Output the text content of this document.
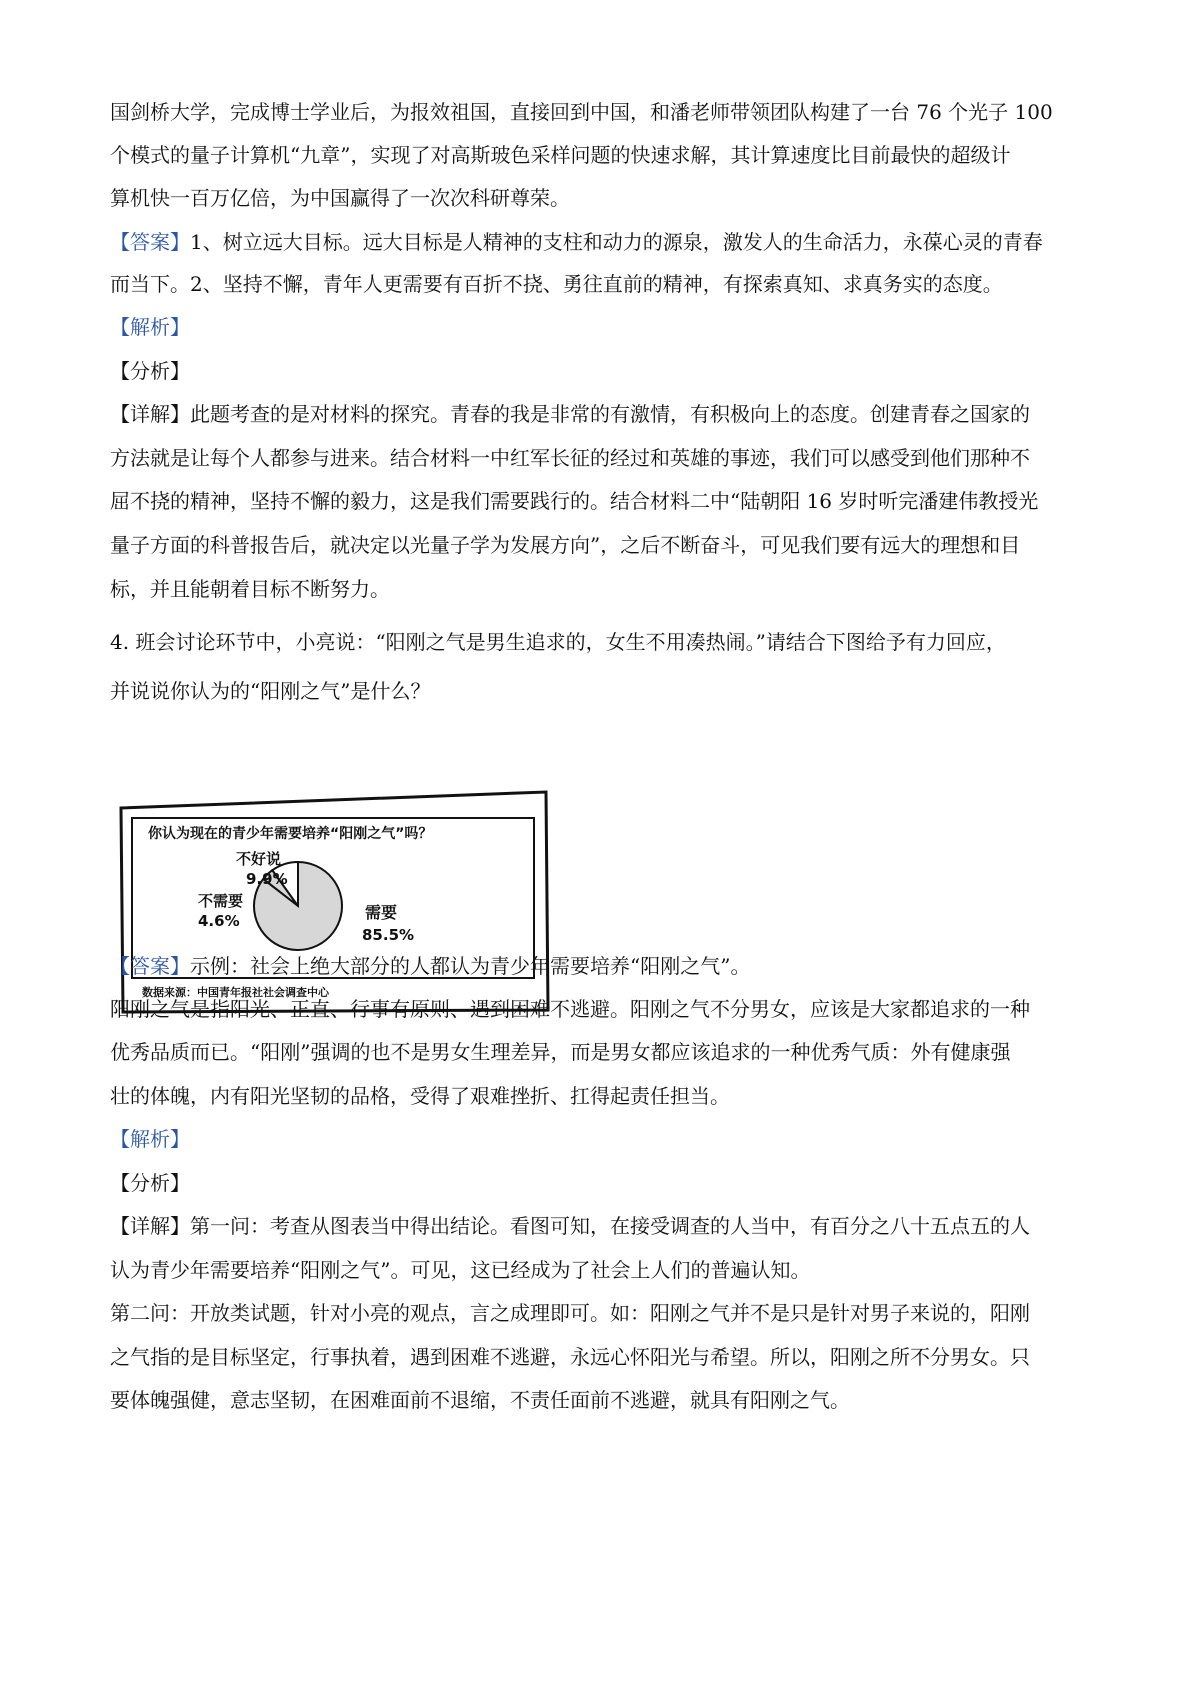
国剑桥大学，完成博士学业后，为报效祖国，直接回到中国，和潘老师带领团队构建了一台 76 个光子 100
个模式的量子计算机“九章”，实现了对高斯玻色采样问题的快速求解，其计算速度比目前最快的超级计
算机快一百万亿倍，为中国赢得了一次次科研尊荣。
【答案】1、树立远大目标。远大目标是人精神的支柱和动力的源泉，激发人的生命活力，永葆心灵的青春
而当下。2、坚持不懈，青年人更需要有百折不挠、勇往直前的精神，有探索真知、求真务实的态度。
【解析】
【分析】
【详解】此题考查的是对材料的探究。青春的我是非常的有激情，有积极向上的态度。创建青春之国家的
方法就是让每个人都参与进来。结合材料一中红军长征的经过和英雄的事迹，我们可以感受到他们那种不
屈不挠的精神，坚持不懈的毅力，这是我们需要践行的。结合材料二中“陆朝阳 16 岁时听完潘建伟教授光
量子方面的科普报告后，就决定以光量子学为发展方向”，之后不断奋斗，可见我们要有远大的理想和目
标，并且能朝着目标不断努力。
4. 班会讨论环节中，小亮说：“阳刚之气是男生追求的，女生不用凑热闹。”请结合下图给予有力回应，
并说说你认为的“阳刚之气”是什么？
你认为现在的青少年需要培养“阳刚之气”吗？
不好说
9.9%
不需要
4.6%	需要
85.5%
数据来源：中国青年报社社会调查中心
【答案】示例：社会上绝大部分的人都认为青少年需要培养“阳刚之气”。
阳刚之气是指阳光、正直、行事有原则、遇到困难不逃避。阳刚之气不分男女，应该是大家都追求的一种
优秀品质而已。“阳刚”强调的也不是男女生理差异，而是男女都应该追求的一种优秀气质：外有健康强
壮的体魄，内有阳光坚韧的品格，受得了艰难挫折、扛得起责任担当。
【解析】
【分析】
【详解】第一问：考查从图表当中得出结论。看图可知，在接受调查的人当中，有百分之八十五点五的人
认为青少年需要培养“阳刚之气”。可见，这已经成为了社会上人们的普遍认知。
第二问：开放类试题，针对小亮的观点，言之成理即可。如：阳刚之气并不是只是针对男子来说的，阳刚
之气指的是目标坚定，行事执着，遇到困难不逃避，永远心怀阳光与希望。所以，阳刚之所不分男女。只
要体魄强健，意志坚韧，在困难面前不退缩，不责任面前不逃避，就具有阳刚之气。
